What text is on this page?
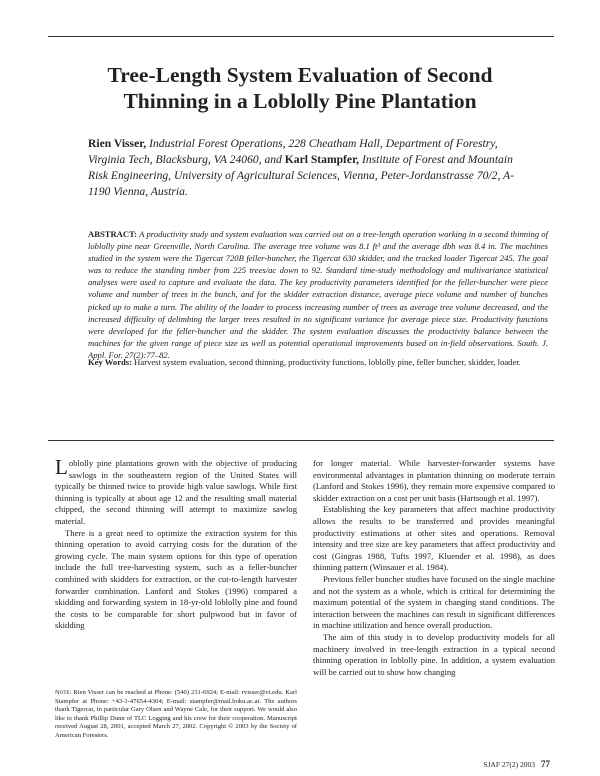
Tree-Length System Evaluation of Second
Thinning in a Loblolly Pine Plantation
Rien Visser, Industrial Forest Operations, 228 Cheatham Hall, Department of Forestry, Virginia Tech, Blacksburg, VA 24060, and Karl Stampfer, Institute of Forest and Mountain Risk Engineering, University of Agricultural Sciences, Vienna, Peter-Jordanstrasse 70/2, A-1190 Vienna, Austria.
ABSTRACT: A productivity study and system evaluation was carried out on a tree-length operation working in a second thinning of loblolly pine near Greenville, North Carolina. The average tree volume was 8.1 ft³ and the average dbh was 8.4 in. The machines studied in the system were the Tigercat 720B feller-buncher, the Tigercat 630 skidder, and the tracked loader Tigercat 245. The goal was to reduce the standing timber from 225 trees/ac down to 92. Standard time-study methodology and multivariance statistical analyses were used to capture and evaluate the data. The key productivity parameters identified for the feller-buncher were piece volume and number of trees in the bunch, and for the skidder extraction distance, average piece volume and number of bunches picked up to make a turn. The ability of the loader to process increasing number of trees as average tree volume decreased, and the increased difficulty of delimbing the larger trees resulted in no significant variance for average piece size. Productivity functions were developed for the feller-buncher and the skidder. The system evaluation discusses the productivity balance between the machines for the given range of piece size as well as potential operational improvements based on in-field observations. South. J. Appl. For. 27(2):77–82.
Key Words: Harvest system evaluation, second thinning, productivity functions, loblolly pine, feller buncher, skidder, loader.

Loblolly pine plantations grown with the objective of producing sawlogs in the southeastern region of the United States will typically be thinned twice to provide high value sawlogs. While first thinning is typically at about age 12 and the resulting small material chipped, the second thinning will attempt to maximize sawlog material.

There is a great need to optimize the extraction system for this thinning operation to avoid carrying costs for the duration of the growing cycle. The main system options for this type of operation include the full tree-harvesting system, such as a feller-buncher combined with skidders for extraction, or the cut-to-length harvester forwarder combination. Lanford and Stokes (1996) compared a skidding and forwarding system in 18-yr-old loblolly pine and found the costs to be comparable for short pulpwood but in favor of skidding

for longer material. While harvester-forwarder systems have environmental advantages in plantation thinning on moderate terrain (Lanford and Stokes 1996), they remain more expensive compared to skidder extraction on a cost per unit basis (Hartsough et al. 1997).

Establishing the key parameters that affect machine productivity allows the results to be transferred and provides meaningful productivity estimations at other sites and operations. Removal intensity and tree size are key parameters that affect productivity and cost (Gingras 1988, Tufts 1997, Kluender et al. 1998), as does thinning pattern (Winsauer et al. 1984).

Previous feller buncher studies have focused on the single machine and not the system as a whole, which is critical for determining the maximum potential of the system in changing stand conditions. The interaction between the machines can result in significant differences in machine utilization and hence overall production.

The aim of this study is to develop productivity models for all machinery involved in tree-length extraction in a typical second thinning operation in loblolly pine. In addition, a system evaluation will be carried out to show how changing

Note: Rien Visser can be reached at Phone: (540) 231-6924; E-mail: rvisser@vt.edu. Karl Stampfer at Phone: +43-1-47654-4304; E-mail: stampfer@mail.boku.ac.at. The authors thank Tigercat, in particular Gary Olsen and Wayne Cale, for their support. We would also like to thank Phillip Dunn of TLC Logging and his crew for their cooperation. Manuscript received August 28, 2001, accepted March 27, 2002. Copyright © 2003 by the Society of American Foresters.
SJAF 27(2) 2003 77
